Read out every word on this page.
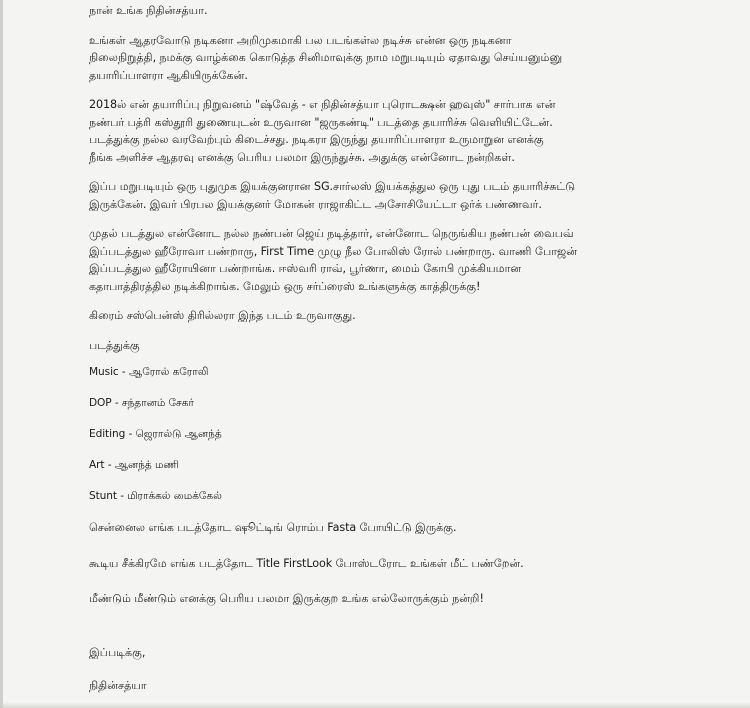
நான் உங்க நிதின்சத்யா.
உங்கள் ஆதரவோடு நடிகனா அறிமுகமாகி பல படங்கள்ல நடிச்சு என்ன ஒரு நடிகனா
நிலைநிறுத்தி, நமக்கு வாழ்க்கை கொடுத்த சினிமாவுக்கு நாம மறுபடியும் ஏதாவது செய்யனும்னு
தயாரிப்பாளரா ஆகியிருக்கேன்.
2018ல் என் தயாரிப்பு நிறுவனம் "ஷ்வேத் - எ நிதின்சத்யா புரொடக்ஷன் ஹவுஸ்" சார்பாக என்
நண்பர் பத்ரி கஸ்தூரி துணையுடன் உருவான "ஜருகண்டி" படத்தை தயாரிச்சு வெளியிட்டேன்.
படத்துக்கு நல்ல வரவேற்பும் கிடைச்சது. நடிகரா இருந்து தயாரிப்பாளரா உருமாறுன எனக்கு
நீங்க அளிச்ச ஆதரவு எனக்கு பெரிய பலமா இருந்துச்சு. அதுக்கு என்னோட நன்றிகள்.
இப்ப மறுபடியும் ஒரு புதுமுக இயக்குனரான SG.சார்லஸ் இயக்கத்துல ஒரு புது படம் தயாரிச்சுட்டு
இருக்கேன். இவர் பிரபல இயக்குனர் மோகன் ராஜாகிட்ட அசோசியேட்டா ஒர்க் பண்ணவர்.
முதல் படத்துல என்னோட நல்ல நண்பன் ஜெய் நடித்தார், என்னோட நெருங்கிய நண்பன் வைபவ்
இப்படத்துல ஹீரோவா பண்றாரு, First Time முழு நீல போலிஸ் ரோல் பண்றாரு. வாணி போஜன்
இப்படத்துல ஹீரோயினா பண்றாங்க. ஈஸ்வரி ராவ், பூர்ணா, மைம் கோபி முக்கியமான
கதாபாத்திரத்தில நடிக்கிறாங்க. மேலும் ஒரு சர்ப்ரைஸ் உங்களுக்கு காத்திருக்கு!
கிரைம் சஸ்பென்ஸ் திரில்லரா இந்த படம் உருவாகுது.
படத்துக்கு
Music - ஆரோல் கரோலி
DOP - சந்தானம் சேகர்
Editing - ஜெரால்டு ஆனந்த்
Art - ஆனந்த் மணி
Stunt - மிராக்கல் மைக்கேல்
சென்னைல எங்க படத்தோட ஷூட்டிங் ரொம்ப Fasta போயிட்டு இருக்கு.
கூடிய சீக்கிரமே எங்க படத்தோட Title FirstLook போஸ்டரோட உங்கள் மீட் பண்றேன்.
மீண்டும் மீண்டும் எனக்கு பெரிய பலமா இருக்குற உங்க எல்லோருக்கும் நன்றி!
இப்படிக்கு,
நிதின்சத்யா
